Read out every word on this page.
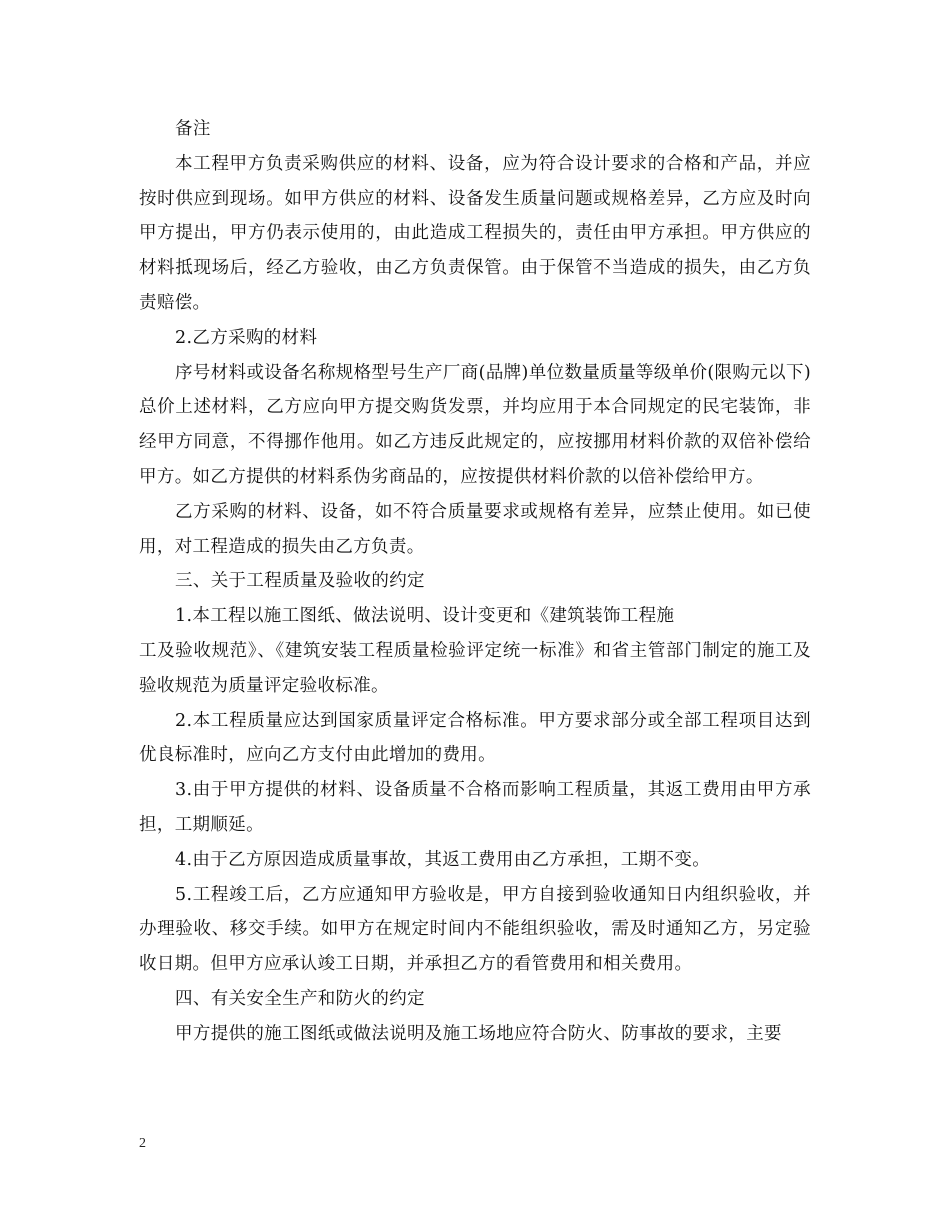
备注

本工程甲方负责采购供应的材料、设备，应为符合设计要求的合格和产品，并应按时供应到现场。如甲方供应的材料、设备发生质量问题或规格差异，乙方应及时向甲方提出，甲方仍表示使用的，由此造成工程损失的，责任由甲方承担。甲方供应的材料抵现场后，经乙方验收，由乙方负责保管。由于保管不当造成的损失，由乙方负责赔偿。

2.乙方采购的材料

序号材料或设备名称规格型号生产厂商(品牌)单位数量质量等级单价(限购元以下)总价上述材料，乙方应向甲方提交购货发票，并均应用于本合同规定的民宅装饰，非经甲方同意，不得挪作他用。如乙方违反此规定的，应按挪用材料价款的双倍补偿给甲方。如乙方提供的材料系伪劣商品的，应按提供材料价款的以倍补偿给甲方。

乙方采购的材料、设备，如不符合质量要求或规格有差异，应禁止使用。如已使用，对工程造成的损失由乙方负责。

三、关于工程质量及验收的约定

1.本工程以施工图纸、做法说明、设计变更和《建筑装饰工程施

工及验收规范》、《建筑安装工程质量检验评定统一标准》和省主管部门制定的施工及验收规范为质量评定验收标准。

2.本工程质量应达到国家质量评定合格标准。甲方要求部分或全部工程项目达到优良标准时，应向乙方支付由此增加的费用。

3.由于甲方提供的材料、设备质量不合格而影响工程质量，其返工费用由甲方承担，工期顺延。

4.由于乙方原因造成质量事故，其返工费用由乙方承担，工期不变。

5.工程竣工后，乙方应通知甲方验收是，甲方自接到验收通知日内组织验收，并办理验收、移交手续。如甲方在规定时间内不能组织验收，需及时通知乙方，另定验收日期。但甲方应承认竣工日期，并承担乙方的看管费用和相关费用。

四、有关安全生产和防火的约定

甲方提供的施工图纸或做法说明及施工场地应符合防火、防事故的要求，主要

2
